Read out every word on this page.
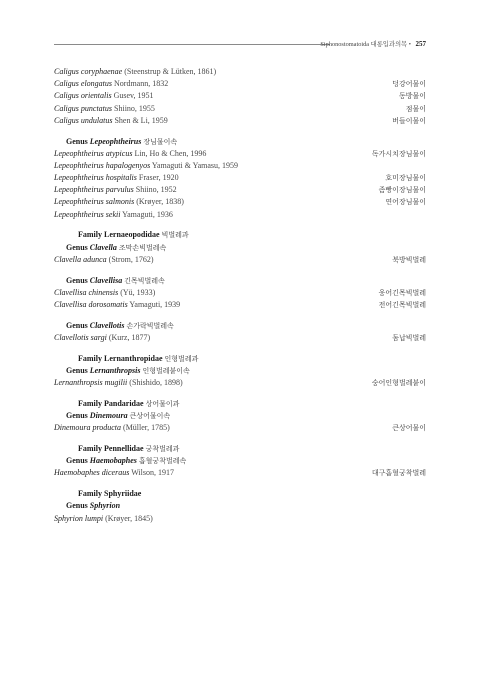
Siphonostomatoida 대롱입과의목 • 257
Caligus coryphaenae (Steenstrup & Lütken, 1861)
Caligus elongatus Nordmann, 1832	덩강어물이
Caligus orientalis Gusev, 1951	동방물이
Caligus punctatus Shiino, 1955	점물이
Caligus undulatus Shen & Li, 1959	버들이물이
Genus Lepeophtheirus 장님물이속
Lepeophtheirus atypicus Lin, Ho & Chen, 1996	독가시치장님물이
Lepeophtheirus hapalogenyos Yamaguti & Yamasu, 1959
Lepeophtheirus hospitalis Fraser, 1920	호미장님물이
Lepeophtheirus parvulus Shiino, 1952	좀빵이장님물이
Lepeophtheirus salmonis (Krøyer, 1838)	연어장님물이
Lepeophtheirus sekii Yamaguti, 1936
Family Lernaeopodidae 빅벌레과
Genus Clavella 조막손빅벌레속
Clavella adunca (Strom, 1762)	북방빅벌레
Genus Clavellisa 긴목빅벌레속
Clavellisa chinensis (Yü, 1933)	웅어긴목빅벌레
Clavellisa dorosomatis Yamaguti, 1939	전어긴목빅벌레
Genus Clavellotis 손가락빅벌레속
Clavellotis sargi (Kurz, 1877)	돔납빅벌레
Family Lernanthropidae 인형벌레과
Genus Lernanthropsis 인형벌레붙이속
Lernanthropsis mugilii (Shishido, 1898)	숭어인형벌레붙이
Family Pandaridae 상어물이과
Genus Dinemoura 큰상어물이속
Dinemoura producta (Müller, 1785)	큰상어물이
Family Pennellidae 궁착벌레과
Genus Haemobaphes 흡혈궁착벌레속
Haemobaphes diceraus Wilson, 1917	대구흡혈궁착벌레
Family Sphyriidae
Genus Sphyrion
Sphyrion lumpi (Krøyer, 1845)
